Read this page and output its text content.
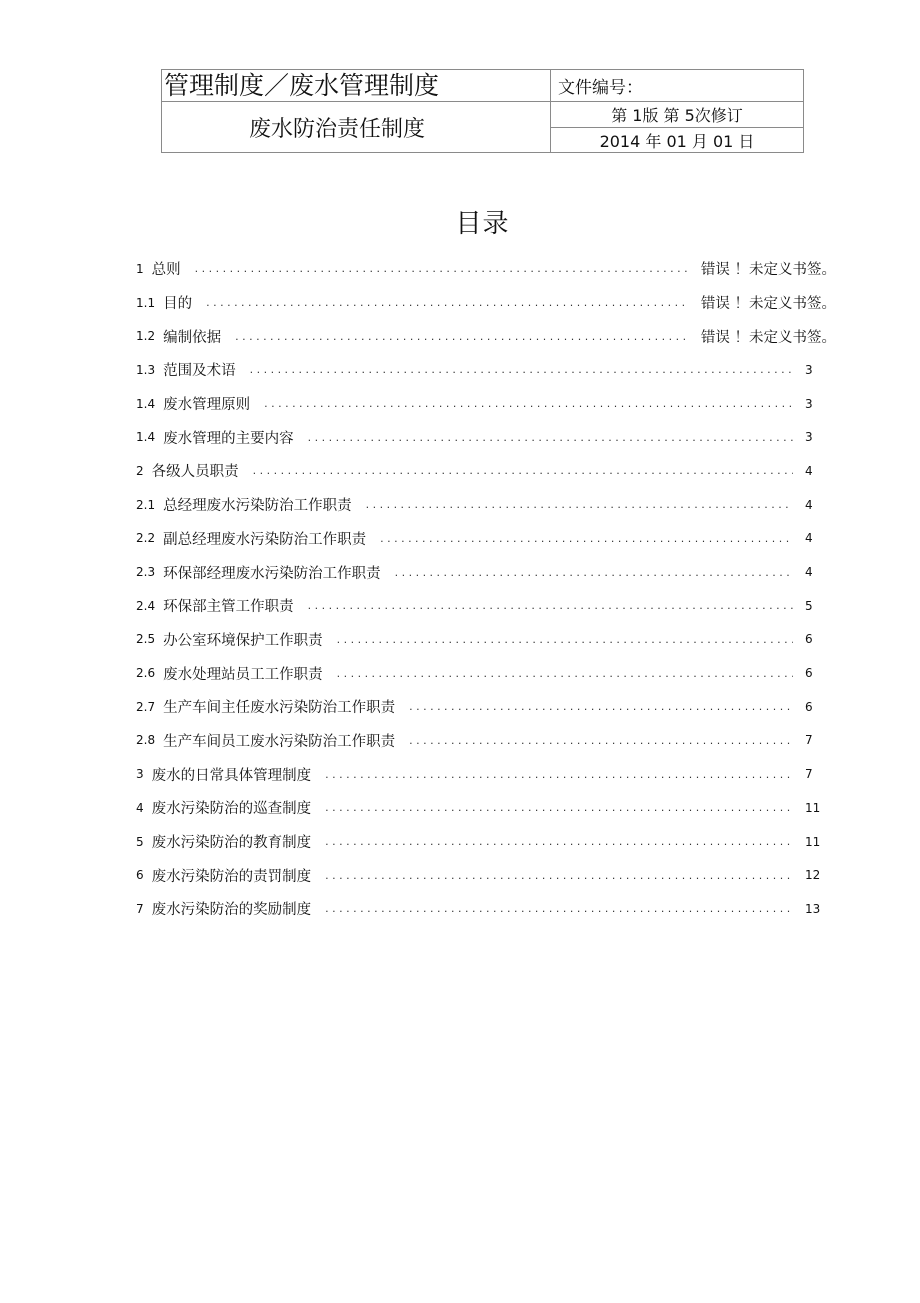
管理制度／废水管理制度	文件编号：
废水防治责任制度	第 1版 第 5次修订
	2014 年 01 月 01 日
目录
1 总则 . . .	错误 ！未定义书签。
1.1 目的 . . .	错误 ！未定义书签。
1.2 编制依据 . . .	错误 ！未定义书签。
1.3 范围及术语 . . .	3
1.4 废水管理原则 . . .	3
1.4 废水管理的主要内容 . . .	3
2 各级人员职责 . . .	4
2.1 总经理废水污染防治工作职责 . . .	4
2.2 副总经理废水污染防治工作职责 . . .	4
2.3 环保部经理废水污染防治工作职责 . . .	4
2.4 环保部主管工作职责 . . .	5
2.5 办公室环境保护工作职责 . . .	6
2.6 废水处理站员工工作职责 . . .	6
2.7 生产车间主任废水污染防治工作职责 . . .	6
2.8 生产车间员工废水污染防治工作职责 . . .	7
3 废水的日常具体管理制度 . . .	7
4 废水污染防治的巡查制度 . . .	11
5 废水污染防治的教育制度 . . .	11
6 废水污染防治的责罚制度 . . .	12
7 废水污染防治的奖励制度 . . .	13
